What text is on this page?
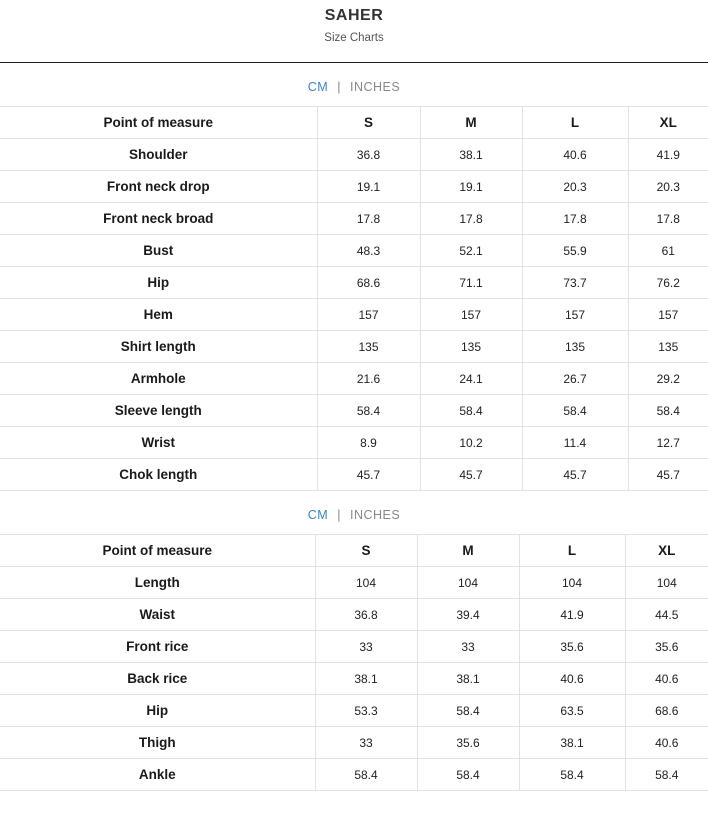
SAHER
Size Charts
CM | INCHES
Point of measure	S	M	L	XL
Shoulder	36.8	38.1	40.6	41.9
Front neck drop	19.1	19.1	20.3	20.3
Front neck broad	17.8	17.8	17.8	17.8
Bust	48.3	52.1	55.9	61
Hip	68.6	71.1	73.7	76.2
Hem	157	157	157	157
Shirt length	135	135	135	135
Armhole	21.6	24.1	26.7	29.2
Sleeve length	58.4	58.4	58.4	58.4
Wrist	8.9	10.2	11.4	12.7
Chok length	45.7	45.7	45.7	45.7
CM | INCHES
Point of measure	S	M	L	XL
Length	104	104	104	104
Waist	36.8	39.4	41.9	44.5
Front rice	33	33	35.6	35.6
Back rice	38.1	38.1	40.6	40.6
Hip	53.3	58.4	63.5	68.6
Thigh	33	35.6	38.1	40.6
Ankle	58.4	58.4	58.4	58.4
